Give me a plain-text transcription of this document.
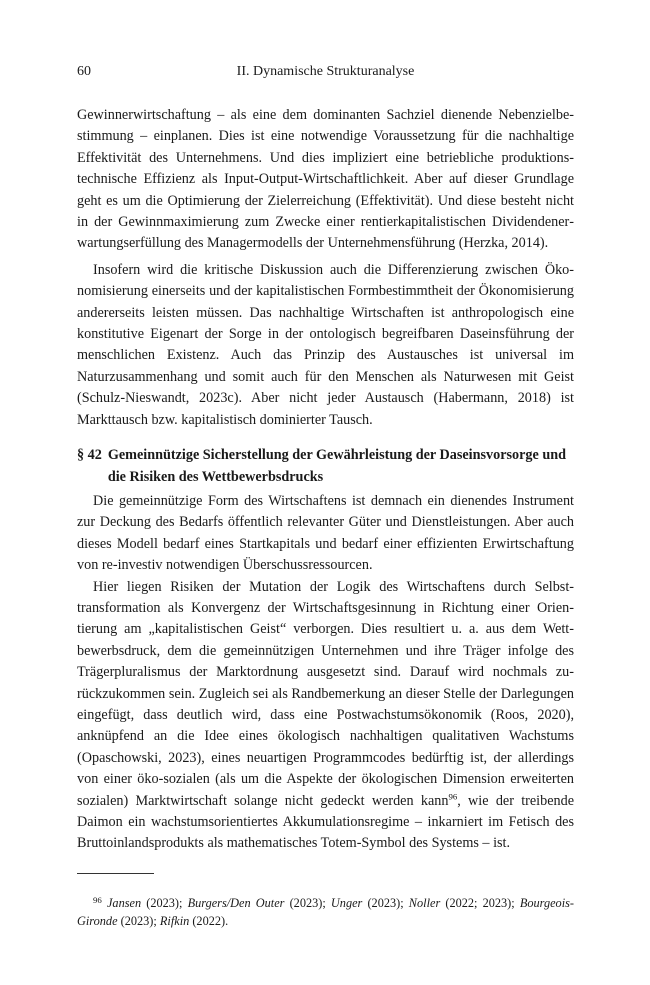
60	II. Dynamische Strukturanalyse

Gewinnerwirtschaftung – als eine dem dominanten Sachziel dienende Nebenzielbestimmung – einplanen. Dies ist eine notwendige Voraussetzung für die nachhaltige Effektivität des Unternehmens. Und dies impliziert eine betriebliche produktionstechnische Effizienz als Input-Output-Wirtschaftlichkeit. Aber auf dieser Grundlage geht es um die Optimierung der Zielerreichung (Effektivität). Und diese besteht nicht in der Gewinnmaximierung zum Zwecke einer rentierkapitalistischen Dividendenerwartungserfüllung des Managermodells der Unternehmensführung (Herzka, 2014).

Insofern wird die kritische Diskussion auch die Differenzierung zwischen Ökonomisierung einerseits und der kapitalistischen Formbestimmtheit der Ökonomisierung andererseits leisten müssen. Das nachhaltige Wirtschaften ist anthropologisch eine konstitutive Eigenart der Sorge in der ontologisch begreifbaren Daseinsführung der menschlichen Existenz. Auch das Prinzip des Austausches ist universal im Naturzusammenhang und somit auch für den Menschen als Naturwesen mit Geist (Schulz-Nieswandt, 2023c). Aber nicht jeder Austausch (Habermann, 2018) ist Markttausch bzw. kapitalistisch dominierter Tausch.

§ 42 Gemeinnützige Sicherstellung der Gewährleistung der Daseinsvorsorge und die Risiken des Wettbewerbsdrucks

Die gemeinnützige Form des Wirtschaftens ist demnach ein dienendes Instrument zur Deckung des Bedarfs öffentlich relevanter Güter und Dienstleistungen. Aber auch dieses Modell bedarf eines Startkapitals und bedarf einer effizienten Erwirtschaftung von re-investiv notwendigen Überschussressourcen.

Hier liegen Risiken der Mutation der Logik des Wirtschaftens durch Selbsttransformation als Konvergenz der Wirtschaftsgesinnung in Richtung einer Orientierung am „kapitalistischen Geist“ verborgen. Dies resultiert u. a. aus dem Wettbewerbsdruck, dem die gemeinnützigen Unternehmen und ihre Träger infolge des Trägerpluralismus der Marktordnung ausgesetzt sind. Darauf wird nochmals zurückzukommen sein. Zugleich sei als Randbemerkung an dieser Stelle der Darlegungen eingefügt, dass deutlich wird, dass eine Postwachstumsökonomik (Roos, 2020), anknüpfend an die Idee eines ökologisch nachhaltigen qualitativen Wachstums (Opaschowski, 2023), eines neuartigen Programmcodes bedürftig ist, der allerdings von einer öko-sozialen (als um die Aspekte der ökologischen Dimension erweiterten sozialen) Marktwirtschaft solange nicht gedeckt werden kann$^{96}$, wie der treibende Daimon ein wachstumsorientiertes Akkumulationsregime – inkarniert im Fetisch des Bruttoinlandsprodukts als mathematisches Totem-Symbol des Systems – ist.

$^{96}$ Jansen (2023); Burgers/Den Outer (2023); Unger (2023); Noller (2022; 2023); Bourgeois-Gironde (2023); Rifkin (2022).
